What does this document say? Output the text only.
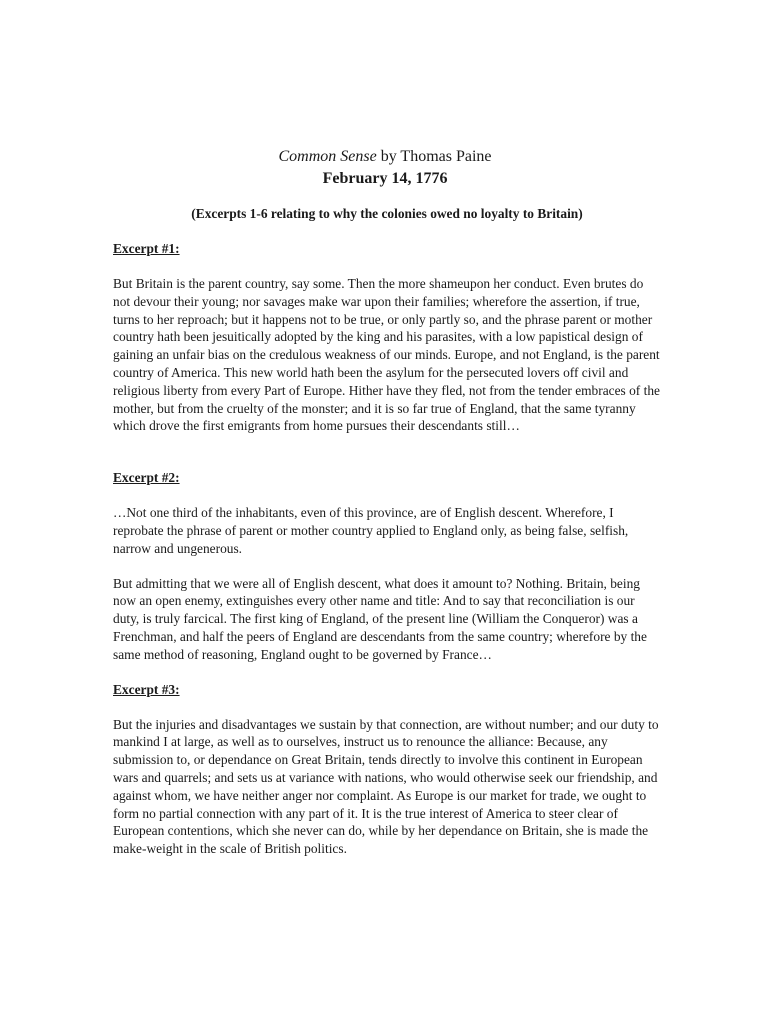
Common Sense by Thomas Paine

February 14, 1776

(Excerpts 1-6 relating to why the colonies owed no loyalty to Britain)

Excerpt #1:

But Britain is the parent country, say some. Then the more shameupon her conduct. Even brutes do not devour their young; nor savages make war upon their families; wherefore the assertion, if true, turns to her reproach; but it happens not to be true, or only partly so, and the phrase parent or mother country hath been jesuitically adopted by the king and his parasites, with a low papistical design of gaining an unfair bias on the credulous weakness of our minds. Europe, and not England, is the parent country of America. This new world hath been the asylum for the persecuted lovers off civil and religious liberty from every Part of Europe. Hither have they fled, not from the tender embraces of the mother, but from the cruelty of the monster; and it is so far true of England, that the same tyranny which drove the first emigrants from home pursues their descendants still…

Excerpt #2:

…Not one third of the inhabitants, even of this province, are of English descent. Wherefore, I reprobate the phrase of parent or mother country applied to England only, as being false, selfish, narrow and ungenerous.

But admitting that we were all of English descent, what does it amount to? Nothing. Britain, being now an open enemy, extinguishes every other name and title: And to say that reconciliation is our duty, is truly farcical. The first king of England, of the present line (William the Conqueror) was a Frenchman, and half the peers of England are descendants from the same country; wherefore by the same method of reasoning, England ought to be governed by France…

Excerpt #3:

But the injuries and disadvantages we sustain by that connection, are without number; and our duty to mankind I at large, as well as to ourselves, instruct us to renounce the alliance: Because, any submission to, or dependance on Great Britain, tends directly to involve this continent in European wars and quarrels; and sets us at variance with nations, who would otherwise seek our friendship, and against whom, we have neither anger nor complaint. As Europe is our market for trade, we ought to form no partial connection with any part of it. It is the true interest of America to steer clear of European contentions, which she never can do, while by her dependance on Britain, she is made the make-weight in the scale of British politics.
